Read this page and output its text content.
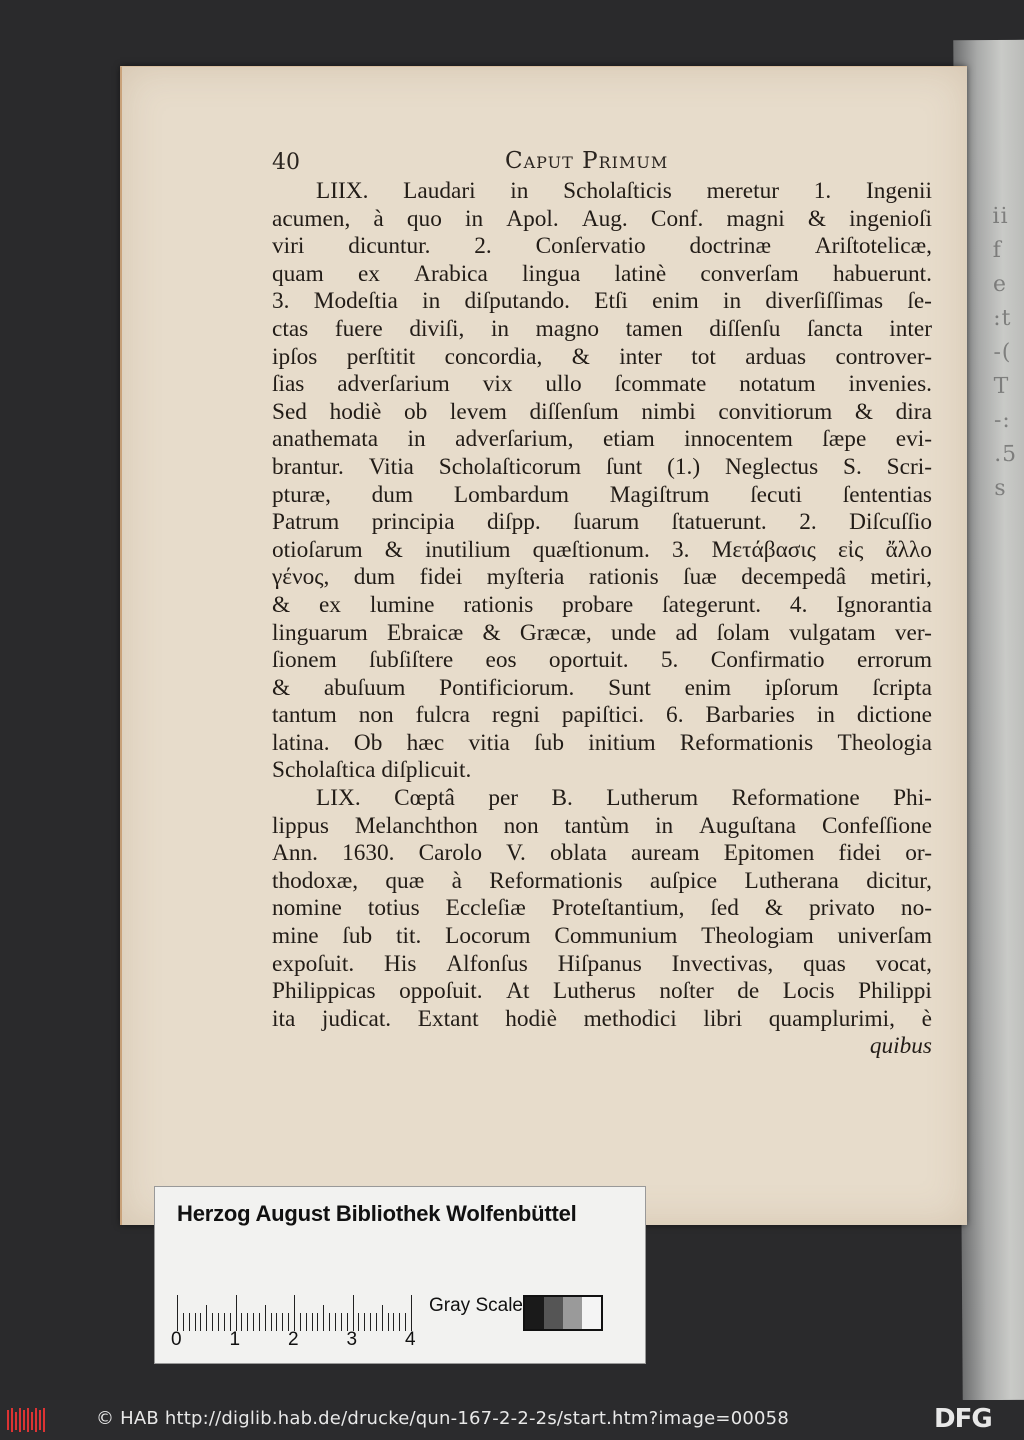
ii
f
e
:t
-(
T
-:
.5
s
40	Caput Primum
LIIX. Laudari in Scholaſticis meretur 1. Ingenii
acumen, à quo in Apol. Aug. Conf. magni & ingenioſi
viri dicuntur. 2. Conſervatio doctrinæ Ariſtotelicæ,
quam ex Arabica lingua latinè converſam habuerunt.
3. Modeſtia in diſputando. Etſi enim in diverſiſſimas ſe-
ctas fuere diviſi, in magno tamen diſſenſu ſancta inter
ipſos perſtitit concordia, & inter tot arduas controver-
ſias adverſarium vix ullo ſcommate notatum invenies.
Sed hodiè ob levem diſſenſum nimbi convitiorum & dira
anathemata in adverſarium, etiam innocentem ſæpe evi-
brantur. Vitia Scholaſticorum ſunt (1.) Neglectus S. Scri-
pturæ, dum Lombardum Magiſtrum ſecuti ſententias
Patrum principia diſpp. ſuarum ſtatuerunt. 2. Diſcuſſio
otioſarum & inutilium quæſtionum. 3. Μετάβασις εἰς ἄλλο
γένος, dum fidei myſteria rationis ſuæ decempedâ metiri,
& ex lumine rationis probare ſategerunt. 4. Ignorantia
linguarum Ebraicæ & Græcæ, unde ad ſolam vulgatam ver-
ſionem ſubſiſtere eos oportuit. 5. Confirmatio errorum
& abuſuum Pontificiorum. Sunt enim ipſorum ſcripta
tantum non fulcra regni papiſtici. 6. Barbaries in dictione
latina. Ob hæc vitia ſub initium Reformationis Theologia
Scholaſtica diſplicuit.
LIX. Cœptâ per B. Lutherum Reformatione Phi-
lippus Melanchthon non tantùm in Auguſtana Confeſſione
Ann. 1630. Carolo V. oblata auream Epitomen fidei or-
thodoxæ, quæ à Reformationis auſpice Lutherana dicitur,
nomine totius Eccleſiæ Proteſtantium, ſed & privato no-
mine ſub tit. Locorum Communium Theologiam univerſam
expoſuit. His Alfonſus Hiſpanus Invectivas, quas vocat,
Philippicas oppoſuit. At Lutherus noſter de Locis Philippi
ita judicat. Extant hodiè methodici libri quamplurimi, è
quibus
Herzog August Bibliothek Wolfenbüttel
0	1	2	3	4
Gray Scale
© HAB http://diglib.hab.de/drucke/qun-167-2-2-2s/start.htm?image=00058	DFG
